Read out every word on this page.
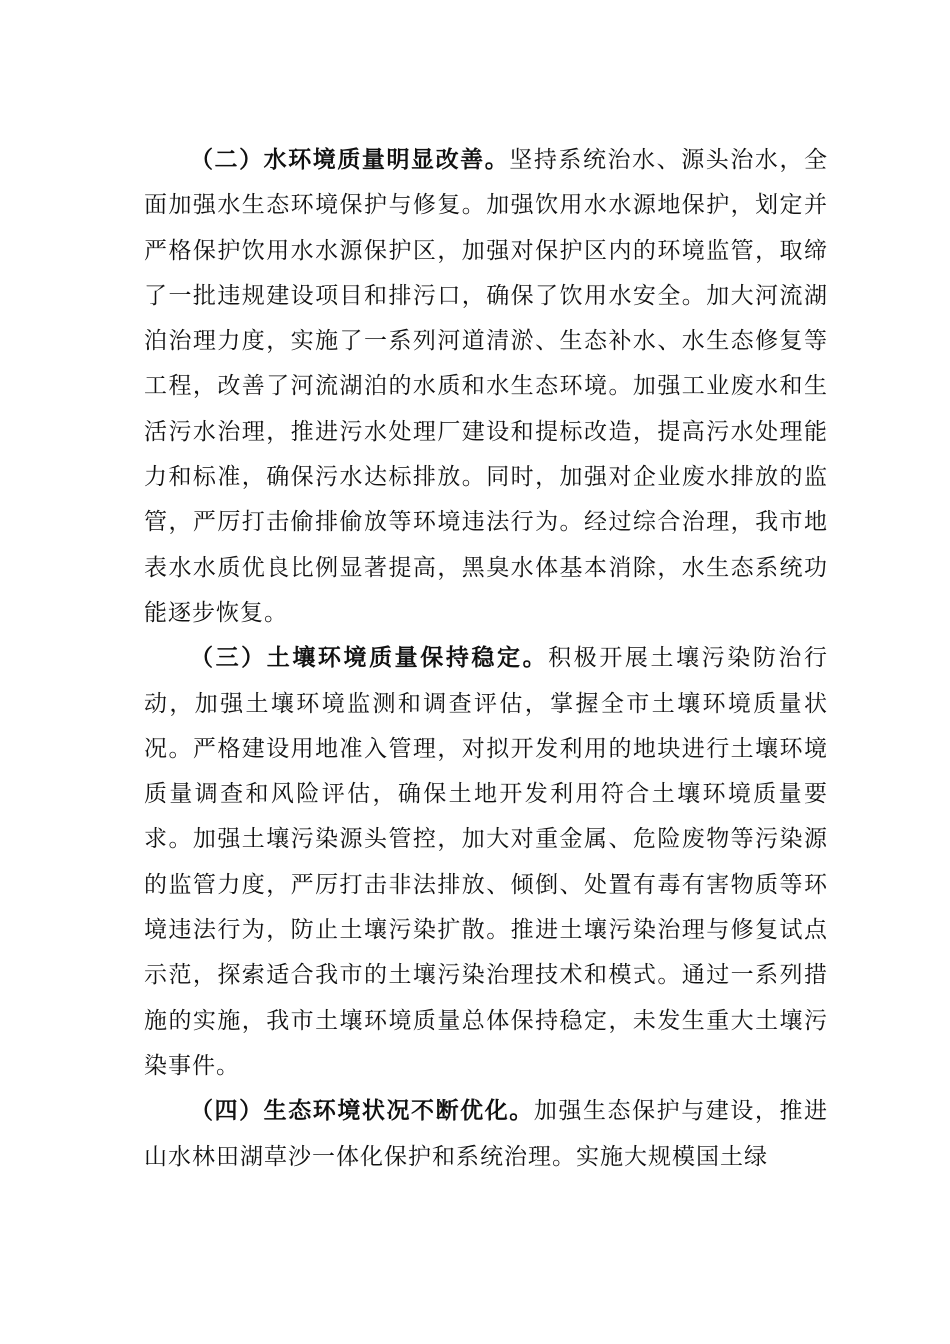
（二）水环境质量明显改善。坚持系统治水、源头治水，全面加强水生态环境保护与修复。加强饮用水水源地保护，划定并严格保护饮用水水源保护区，加强对保护区内的环境监管，取缔了一批违规建设项目和排污口，确保了饮用水安全。加大河流湖泊治理力度，实施了一系列河道清淤、生态补水、水生态修复等工程，改善了河流湖泊的水质和水生态环境。加强工业废水和生活污水治理，推进污水处理厂建设和提标改造，提高污水处理能力和标准，确保污水达标排放。同时，加强对企业废水排放的监管，严厉打击偷排偷放等环境违法行为。经过综合治理，我市地表水水质优良比例显著提高，黑臭水体基本消除，水生态系统功能逐步恢复。

（三）土壤环境质量保持稳定。积极开展土壤污染防治行动，加强土壤环境监测和调查评估，掌握全市土壤环境质量状况。严格建设用地准入管理，对拟开发利用的地块进行土壤环境质量调查和风险评估，确保土地开发利用符合土壤环境质量要求。加强土壤污染源头管控，加大对重金属、危险废物等污染源的监管力度，严厉打击非法排放、倾倒、处置有毒有害物质等环境违法行为，防止土壤污染扩散。推进土壤污染治理与修复试点示范，探索适合我市的土壤污染治理技术和模式。通过一系列措施的实施，我市土壤环境质量总体保持稳定，未发生重大土壤污染事件。

（四）生态环境状况不断优化。加强生态保护与建设，推进山水林田湖草沙一体化保护和系统治理。实施大规模国土绿
